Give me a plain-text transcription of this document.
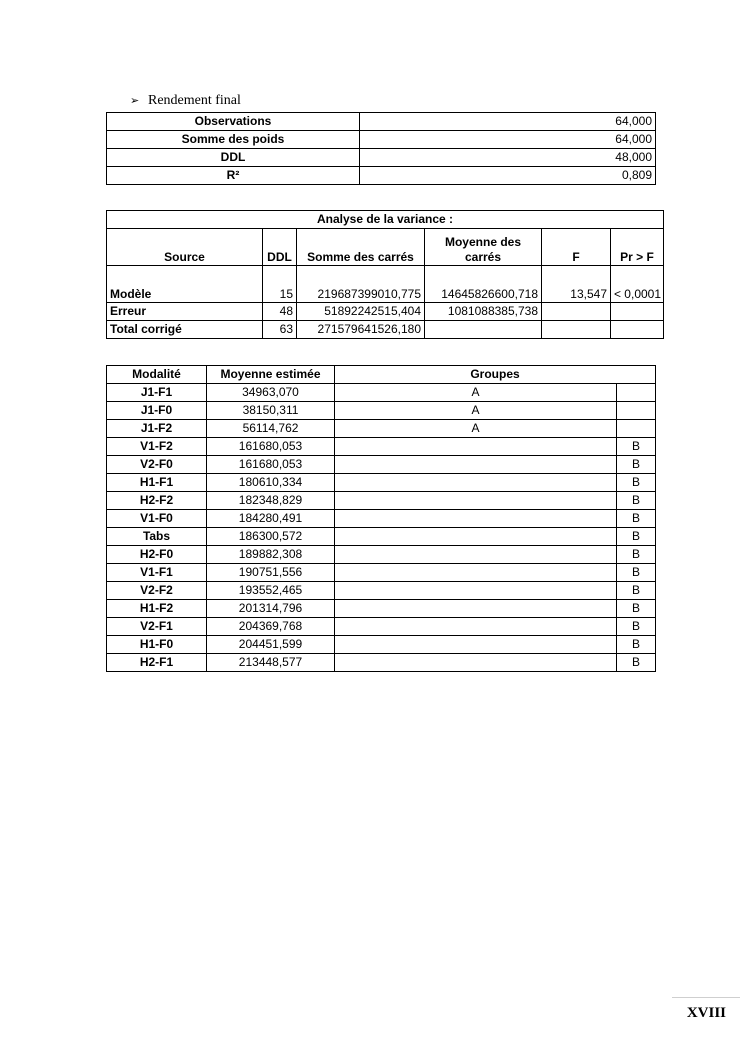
➢ Rendement final
Observations	64,000
Somme des poids	64,000
DDL	48,000
R²	0,809
Analyse de la variance :					
Source	DDL	Somme des carrés	Moyenne des carrés	F	Pr > F
Modèle	15	219687399010,775	14645826600,718	13,547	< 0,0001
Erreur	48	51892242515,404	1081088385,738		
Total corrigé	63	271579641526,180			
Modalité	Moyenne estimée	Groupes	
J1-F1	34963,070	A	
J1-F0	38150,311	A	
J1-F2	56114,762	A	
V1-F2	161680,053		B
V2-F0	161680,053		B
H1-F1	180610,334		B
H2-F2	182348,829		B
V1-F0	184280,491		B
Tabs	186300,572		B
H2-F0	189882,308		B
V1-F1	190751,556		B
V2-F2	193552,465		B
H1-F2	201314,796		B
V2-F1	204369,768		B
H1-F0	204451,599		B
H2-F1	213448,577		B
XVIII
